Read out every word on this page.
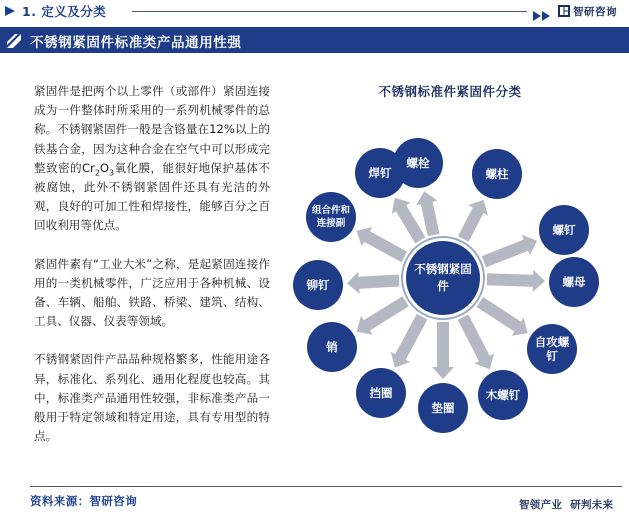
1. 定义及分类	智研咨询
不锈钢紧固件标准类产品通用性强

紧固件是把两个以上零件（或部件）紧固连接成为一件整体时所采用的一系列机械零件的总称。不锈钢紧固件一般是含铬量在12%以上的铁基合金，因为这种合金在空气中可以形成完整致密的$Cr_2O_3$氧化膜，能很好地保护基体不被腐蚀，此外不锈钢紧固件还具有光洁的外观，良好的可加工性和焊接性，能够百分之百回收利用等优点。

紧固件素有“工业大米”之称，是起紧固连接作用的一类机械零件，广泛应用于各种机械、设备、车辆、船舶、铁路、桥梁、建筑、结构、工具、仪器、仪表等领域。

不锈钢紧固件产品品种规格繁多，性能用途各异，标准化、系列化、通用化程度也较高。其中，标准类产品通用性较强，非标准类产品一般用于特定领域和特定用途，具有专用型的特点。

不锈钢标准件紧固件分类
不锈钢紧固件
螺栓
螺柱
螺钉
螺母
自攻螺钉
木螺钉
垫圈
挡圈
销
铆钉
组合件和连接副
焊钉
资料来源：智研咨询	智领产业 研判未来
